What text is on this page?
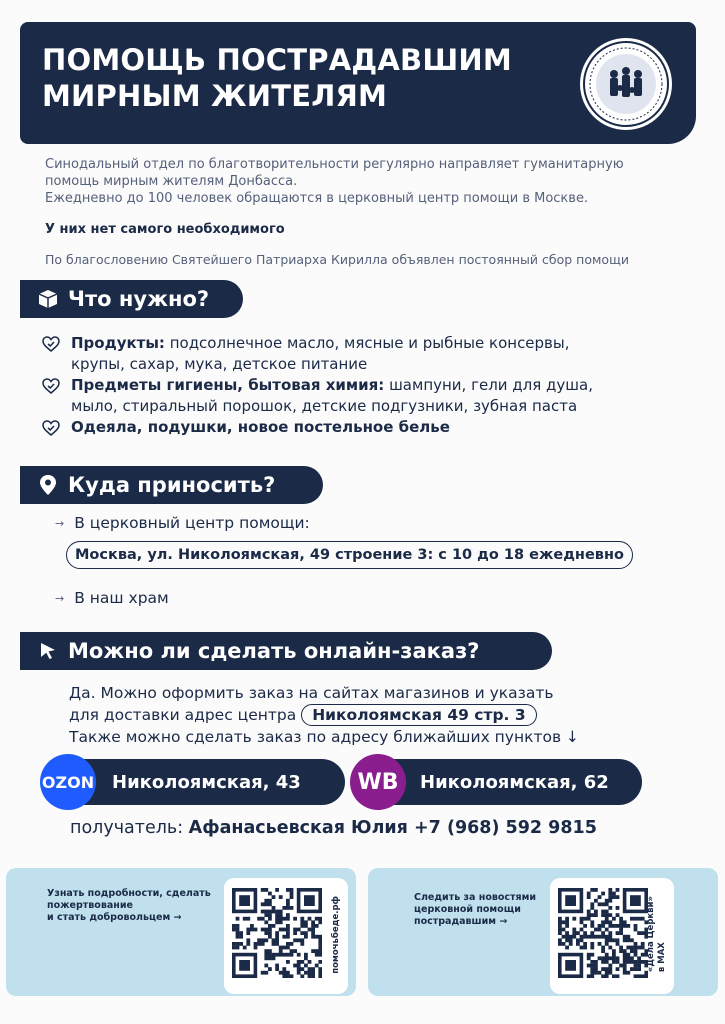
ПОМОЩЬ ПОСТРАДАВШИМ
МИРНЫМ ЖИТЕЛЯМ
Синодальный отдел по благотворительности регулярно направляет гуманитарную
помощь мирным жителям Донбасса.
Ежедневно до 100 человек обращаются в церковный центр помощи в Москве.
У них нет самого необходимого
По благословению Святейшего Патриарха Кирилла объявлен постоянный сбор помощи
Что нужно?
Продукты: подсолнечное масло, мясные и рыбные консервы,
крупы, сахар, мука, детское питание
Предметы гигиены, бытовая химия: шампуни, гели для душа,
мыло, стиральный порошок, детские подгузники, зубная паста
Одеяла, подушки, новое постельное белье
Куда приносить?
→ В церковный центр помощи:
Москва, ул. Николоямская, 49 строение 3: с 10 до 18 ежедневно
→ В наш храм
Можно ли сделать онлайн-заказ?
Да. Можно оформить заказ на сайтах магазинов и указать
для доставки адрес центра Николоямская 49 стр. 3
Также можно сделать заказ по адресу ближайших пунктов ↓
Николоямская, 43
OZON	Николоямская, 62
WB
получатель: Афанасьевская Юлия +7 (968) 592 9815
Узнать подробности, сделать
пожертвование
и стать добровольцем →
Следить за новостями
церковной помощи
пострадавшим →
помочьбеде.рф	«Дела Церкви»
в MAX
